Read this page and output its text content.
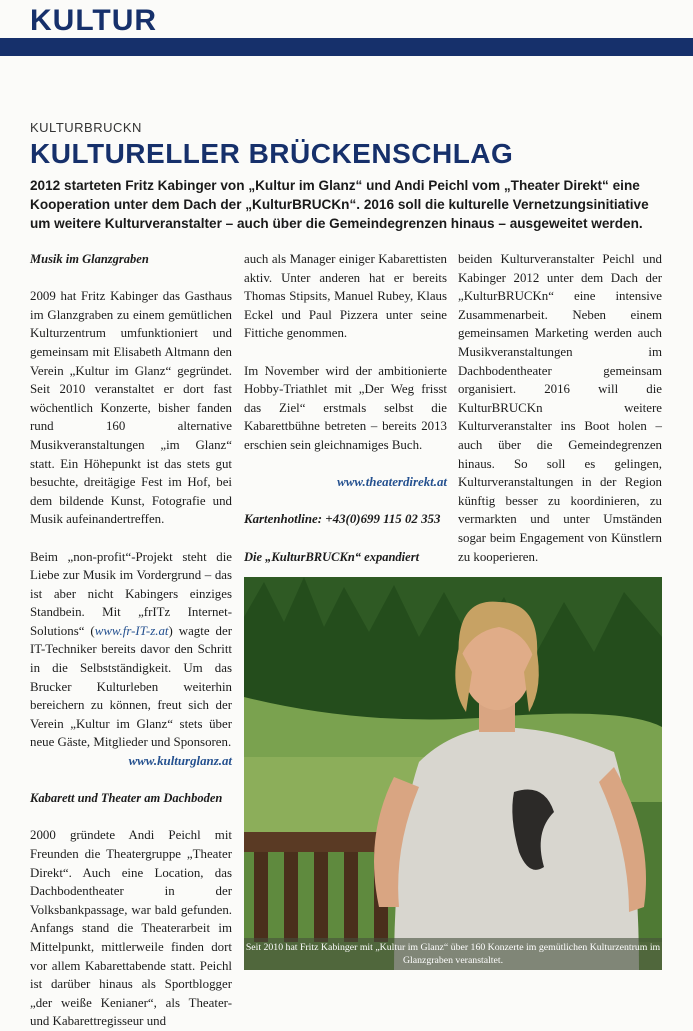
KULTUR
KULTURBRUCKN
KULTURELLER BRÜCKENSCHLAG

2012 starteten Fritz Kabinger von „Kultur im Glanz“ und Andi Peichl vom „Theater Direkt“ eine Kooperation unter dem Dach der „KulturBRUCKn“. 2016 soll die kulturelle Vernetzungsinitiative um weitere Kulturveranstalter – auch über die Gemeindegrenzen hinaus – ausgeweitet werden.

Musik im Glanzgraben

2009 hat Fritz Kabinger das Gasthaus im Glanzgraben zu einem gemütlichen Kulturzentrum umfunktioniert und gemeinsam mit Elisabeth Altmann den Verein „Kultur im Glanz“ gegründet. Seit 2010 veranstaltet er dort fast wöchentlich Konzerte, bisher fanden rund 160 alternative Musikveranstaltungen „im Glanz“ statt. Ein Höhepunkt ist das stets gut besuchte, dreitägige Fest im Hof, bei dem bildende Kunst, Fotografie und Musik aufeinandertreffen.

Beim „non-profit“-Projekt steht die Liebe zur Musik im Vordergrund – das ist aber nicht Kabingers einziges Standbein. Mit „frITz Internet-Solutions“ (www.fr-IT-z.at) wagte der IT-Techniker bereits davor den Schritt in die Selbstständigkeit. Um das Brucker Kulturleben weiterhin bereichern zu können, freut sich der Verein „Kultur im Glanz“ stets über neue Gäste, Mitglieder und Sponsoren.

www.kulturglanz.at

Kabarett und Theater am Dachboden

2000 gründete Andi Peichl mit Freunden die Theatergruppe „Theater Direkt“. Auch eine Location, das Dachbodentheater in der Volksbankpassage, war bald gefunden. Anfangs stand die Theaterarbeit im Mittelpunkt, mittlerweile finden dort vor allem Kabarettabende statt. Peichl ist darüber hinaus als Sportblogger „der weiße Kenianer“, als Theater- und Kabarettregisseur und

auch als Manager einiger Kabarettisten aktiv. Unter anderen hat er bereits Thomas Stipsits, Manuel Rubey, Klaus Eckel und Paul Pizzera unter seine Fittiche genommen.

Im November wird der ambitionierte Hobby-Triathlet mit „Der Weg frisst das Ziel“ erstmals selbst die Kabarettbühne betreten – bereits 2013 erschien sein gleichnamiges Buch.

www.theaterdirekt.at

Kartenhotline: +43(0)699 115 02 353

Die „KulturBRUCKn“ expandiert

beiden Kulturveranstalter Peichl und Kabinger 2012 unter dem Dach der „KulturBRUCKn“ eine intensive Zusammenarbeit. Neben einem gemeinsamen Marketing werden auch Musikveranstaltungen im Dachbodentheater gemeinsam organisiert. 2016 will die KulturBRUCKn weitere Kulturveranstalter ins Boot holen – auch über die Gemeindegrenzen hinaus. So soll es gelingen, Kulturveranstaltungen in der Region künftig besser zu koordinieren, zu vermarkten und unter Umständen sogar beim Engagement von Künstlern zu kooperieren.

Seit 2010 hat Fritz Kabinger mit „Kultur im Glanz“ über 160 Konzerte im gemütlichen Kulturzentrum im Glanzgraben veranstaltet.
